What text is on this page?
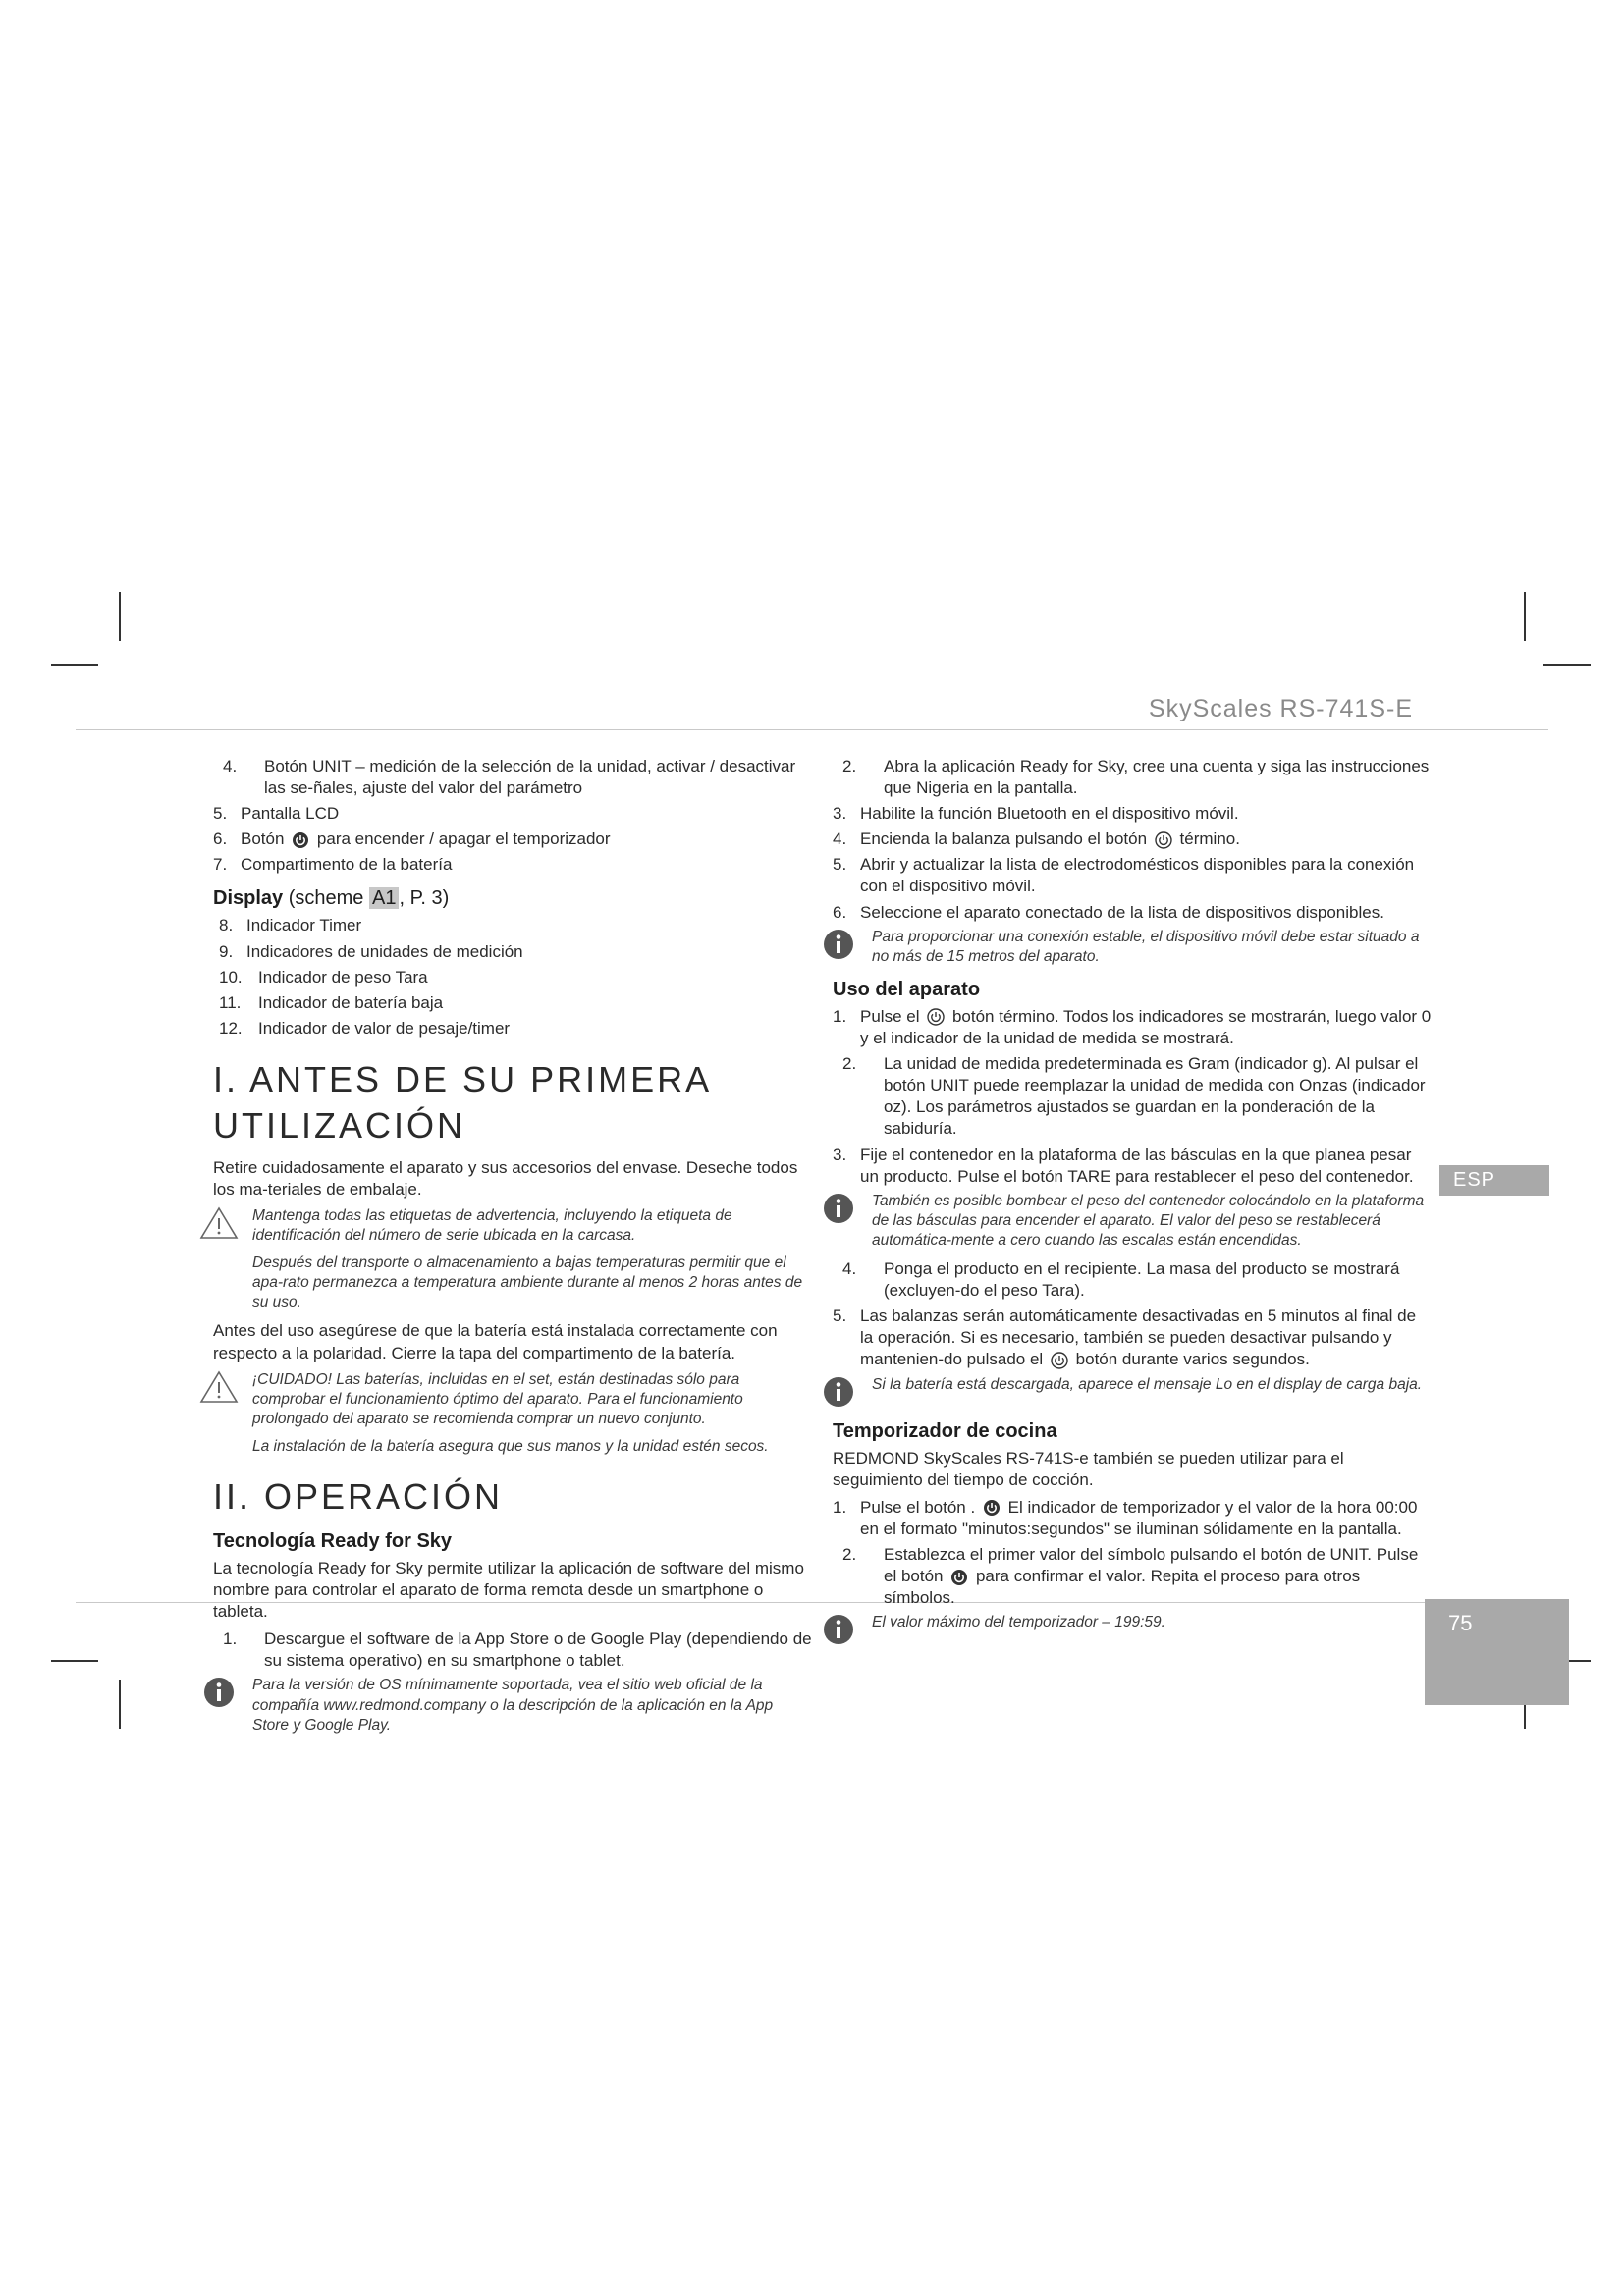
SkyScales RS-741S-E
4.	Botón UNIT – medición de la selección de la unidad, activar / desactivar las se-ñales, ajuste del valor del parámetro
5. Pantalla LCD
6. Botón para encender / apagar el temporizador
7. Compartimento de la batería
Display (scheme A1 , P. 3)
8. Indicador Timer
9. Indicadores de unidades de medición
10. Indicador de peso Tara
11.	Indicador de batería baja
12. Indicador de valor de pesaje/timer
I. ANTES DE SU PRIMERA UTILIZACIÓN

Retire cuidadosamente el aparato y sus accesorios del envase. Deseche todos los ma-teriales de embalaje.

Mantenga todas las etiquetas de advertencia, incluyendo la etiqueta de identificación del número de serie ubicada en la carcasa.
Después del transporte o almacenamiento a bajas temperaturas permitir que el apa-rato permanezca a temperatura ambiente durante al menos 2 horas antes de su uso.

Antes del uso asegúrese de que la batería está instalada correctamente con respecto a la polaridad. Cierre la tapa del compartimento de la batería.

¡CUIDADO! Las baterías, incluidas en el set, están destinadas sólo para comprobar el funcionamiento óptimo del aparato. Para el funcionamiento prolongado del aparato se recomienda comprar un nuevo conjunto.
La instalación de la batería asegura que sus manos y la unidad estén secos.
II. OPERACIÓN
Tecnología Ready for Sky

La tecnología Ready for Sky permite utilizar la aplicación de software del mismo nombre para controlar el aparato de forma remota desde un smartphone o tableta.

1.	Descargue el software de la App Store o de Google Play (dependiendo de su sistema operativo) en su smartphone o tablet.
Para la versión de OS mínimamente soportada, vea el sitio web oficial de la compañía www.redmond.company o la descripción de la aplicación en la App Store y Google Play.
2.	Abra la aplicación Ready for Sky, cree una cuenta y siga las instrucciones que Nigeria en la pantalla.
3. Habilite la función Bluetooth en el dispositivo móvil.
4. Encienda la balanza pulsando el botón término.
5. Abrir y actualizar la lista de electrodomésticos disponibles para la conexión con el dispositivo móvil.
6. Seleccione el aparato conectado de la lista de dispositivos disponibles.
Para proporcionar una conexión estable, el dispositivo móvil debe estar situado a no más de 15 metros del aparato.
Uso del aparato
1. Pulse el botón término. Todos los indicadores se mostrarán, luego valor 0 y el indicador de la unidad de medida se mostrará.
2.	La unidad de medida predeterminada es Gram (indicador g). Al pulsar el botón UNIT puede reemplazar la unidad de medida con Onzas (indicador oz). Los parámetros ajustados se guardan en la ponderación de la sabiduría.
3. Fije el contenedor en la plataforma de las básculas en la que planea pesar un producto. Pulse el botón TARE para restablecer el peso del contenedor.
También es posible bombear el peso del contenedor colocándolo en la plataforma de las básculas para encender el aparato. El valor del peso se restablecerá automática-mente a cero cuando las escalas están encendidas.
4.	Ponga el producto en el recipiente. La masa del producto se mostrará (excluyen-do el peso Tara).
5. Las balanzas serán automáticamente desactivadas en 5 minutos al final de la operación. Si es necesario, también se pueden desactivar pulsando y mantenien-do pulsado el botón durante varios segundos.
Si la batería está descargada, aparece el mensaje Lo en el display de carga baja.
Temporizador de cocina

REDMOND SkyScales RS-741S-e también se pueden utilizar para el seguimiento del tiempo de cocción.

1. Pulse el botón . El indicador de temporizador y el valor de la hora 00:00 en el formato "minutos:segundos" se iluminan sólidamente en la pantalla.
2.	Establezca el primer valor del símbolo pulsando el botón de UNIT. Pulse el botón para confirmar el valor. Repita el proceso para otros símbolos.
El valor máximo del temporizador – 199:59.
ESP
75
